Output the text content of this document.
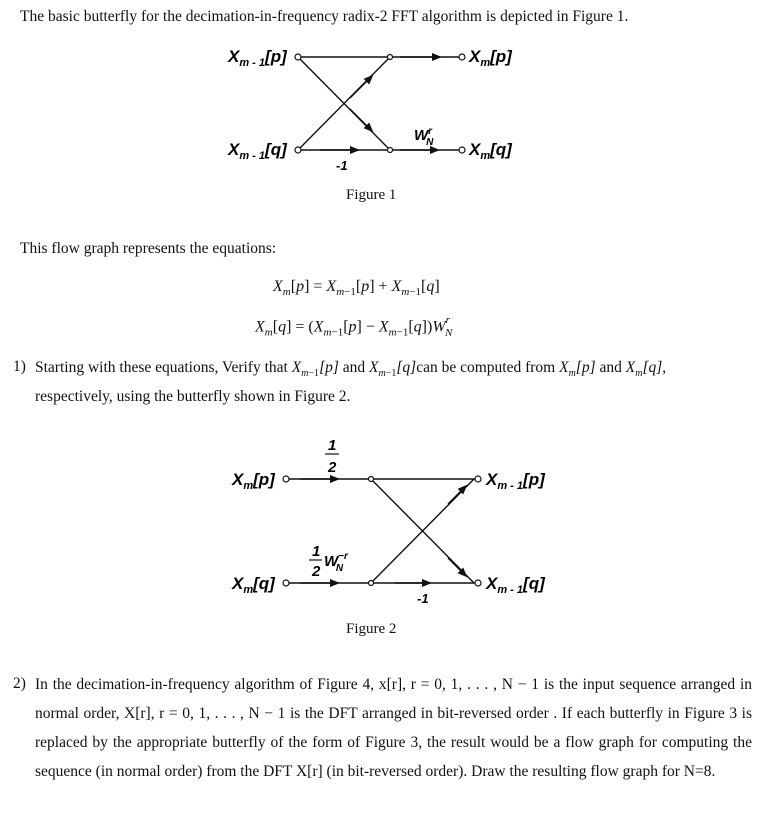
The basic butterfly for the decimation-in-frequency radix-2 FFT algorithm is depicted in Figure 1.
$X_{m - 1}[p]$
$X_{m - 1}[q]$
$X_m[p]$
$X_m[q]$
$W^r$ N
-1
Figure 1
This flow graph represents the equations:
$X_m[p] = X_{m-1}[p] + X_{m-1}[q]$
$X_m[q] = (X_{m-1}[p] - X_{m-1}[q])W^r_N$
1) Starting with these equations, Verify that $X_{m-1}[p]$ and $X_{m-1}[q]can$ be computed from $X_m[p]$ and $X_m[q]$,
respectively, using the butterfly shown in Figure 2.
1
2
1
2
$W^{-r}$ N
-1
$X_m[p]$
$X_m[q]$
$X_{m - 1}[p]$
$X_{m - 1}[q]$
Figure 2
2) In the decimation-in-frequency algorithm of Figure 4, x[r], r = 0, 1, . . . , N − 1 is the input sequence arranged in normal order, X[r], r = 0, 1, . . . , N − 1 is the DFT arranged in bit-reversed order . If each butterfly in Figure 3 is replaced by the appropriate butterfly of the form of Figure 3, the result would be a flow graph for computing the sequence (in normal order) from the DFT X[r] (in bit-reversed order). Draw the resulting flow graph for N=8.
